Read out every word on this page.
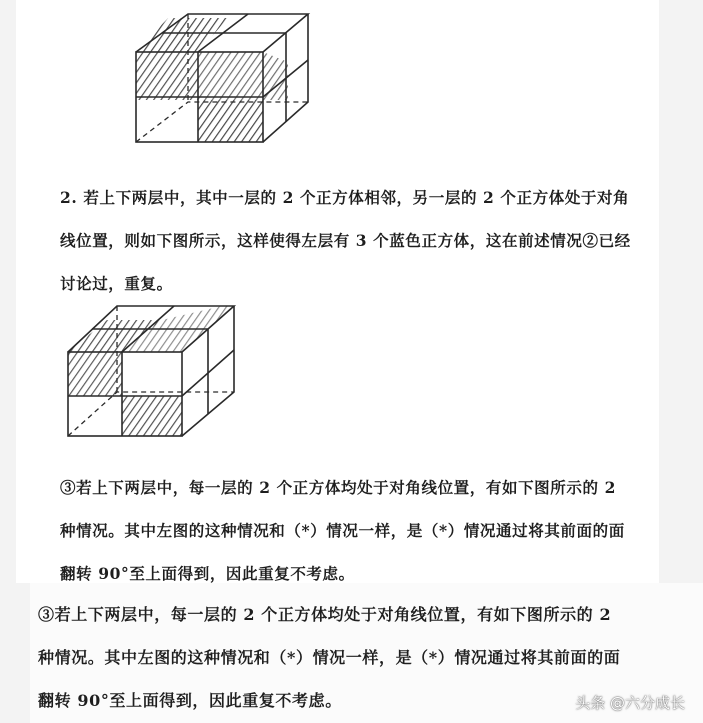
2. 若上下两层中，其中一层的 2 个正方体相邻，另一层的 2 个正方体处于对角
线位置，则如下图所示，这样使得左层有 3 个蓝色正方体，这在前述情况②已经
讨论过，重复。

③若上下两层中，每一层的 2 个正方体均处于对角线位置，有如下图所示的 2
种情况。其中左图的这种情况和（*）情况一样，是（*）情况通过将其前面的面
翻转 90°至上面得到，因此重复不考虑。

③若上下两层中，每一层的 2 个正方体均处于对角线位置，有如下图所示的 2
种情况。其中左图的这种情况和（*）情况一样，是（*）情况通过将其前面的面
翻转 90°至上面得到，因此重复不考虑。	头条 @六分成长
